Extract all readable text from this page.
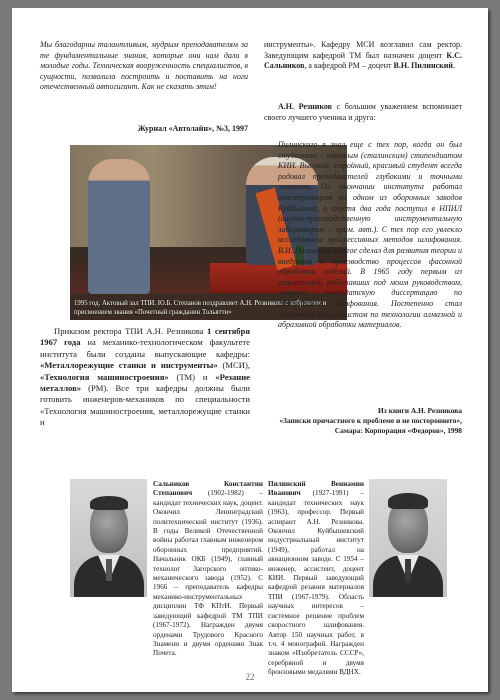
Мы благодарны талантливым, мудрым преподавателям за те фундаментальные знания, которые они нам дали в молодые годы. Техническая вооруженность специалистов, в сущности, позволила построить и поставить на ноги отечественный автогигант. Как не сказать этим!
Журнал «Автолайн», №3, 1997
инструменты». Кафедру МСИ возглавил сам ректор. Заведующим кафедрой ТМ был назначен доцент К.С. Сальников, а кафедрой РМ – доцент В.Н. Пилинский.
А.Н. Резников с большим уважением вспоминает своего лучшего ученика и друга:
1995 год. Актовый зал ТПИ. Ю.Б. Степанов поздравляет А.Н. Резникова с избранием и присвоением звания «Почетный гражданин Тольятти»
Пилинского я знал еще с тех пор, когда он был студентом – именным (сталинским) стипендиатом КИИ. Высокий, стройный, красивый студент всегда радовал преподавателей глубокими и точными знаниями. По окончании института работал конструктором на одном из оборонных заводов Куйбышева, а спустя два года поступил в НПИЛ (научно-производственную инструментальную лабораторию – прим. авт.). С тех пор его увлекло исследование прогрессивных методов шлифования. В.И. Пилинский многое сделал для развития теории и внедрения в производство процессов фасонной обработки изделий. В 1965 году первым из соискателей, работавших под моим руководством, защитил кандидатскую диссертацию по теплофизике шлифования. Постепенно стал известным специалистом по технологии алмазной и абразивной обработки материалов.
Из книги А.Н. Резникова
«Записки причастного к проблеме и не постороннего»,
Самара: Корпорация «Федоров», 1998
Приказом ректора ТПИ А.Н. Резникова 1 сентября 1967 года на механико-технологическом факультете института были созданы выпускающие кафедры: «Металлорежущие станки и инструменты» (МСИ), «Технология машиностроения» (ТМ) и «Резание металлов» (РМ). Все три кафедры должны были готовить инженеров-механиков по специальности «Технология машиностроения, металлорежущие станки и
Сальников Константин Степанович (1902-1982) – кандидат технических наук, доцент. Окончил Ленинградский политехнический институт (1936). В годы Великой Отечественной войны работал главным инженером оборонных предприятий. Начальник ОКБ (1949), главный технолог Загорского оптико-механического завода (1952). С 1966 – преподаватель кафедры механико-инструментальных дисциплин ТФ КПтИ. Первый заведующий кафедрой ТМ ТПИ (1967-1972). Награжден двумя орденами Трудового Красного Знамени и двумя орденами Знак Почета.
Пилинский Вениамин Иванович (1927-1991) – кандидат технических наук (1963), профессор. Первый аспирант А.Н. Резникова. Окончил Куйбышевский индустриальный институт (1949), работал на авиационном заводе. С 1954 – инженер, ассистент, доцент КИИ. Первый заведующий кафедрой резания материалов ТПИ (1967-1979). Область научных интересов – системное решение проблем скоростного шлифования. Автор 150 научных работ, в т.ч. 4 монографий. Награжден знаком «Изобретатель СССР», серебряной и двумя бронзовыми медалями ВДНХ.
22
